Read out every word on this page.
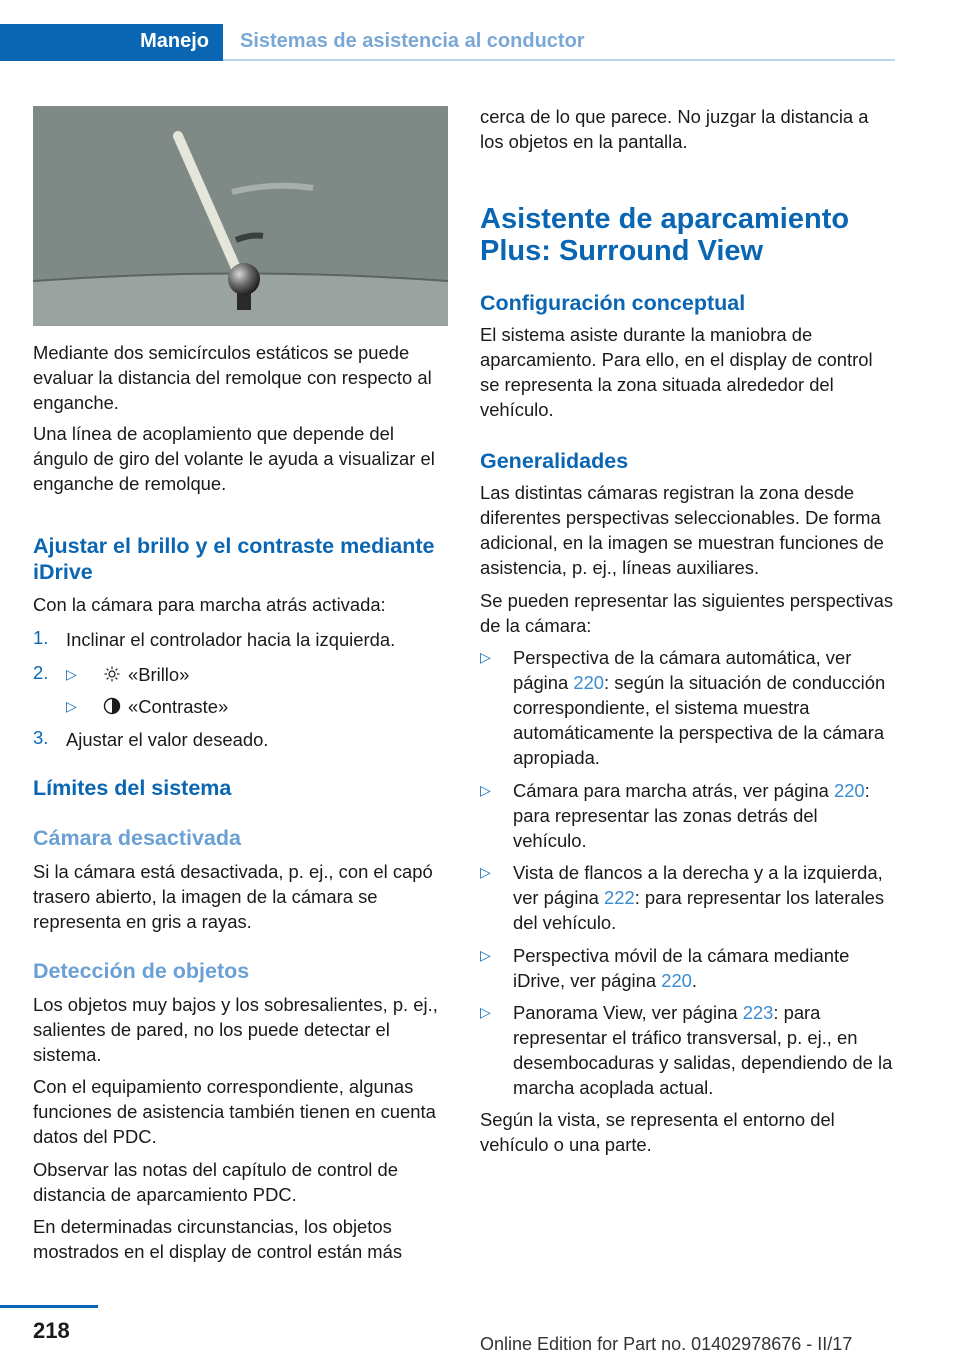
Manejo Sistemas de asistencia al conductor

Mediante dos semicírculos estáticos se puede evaluar la distancia del remolque con respecto al enganche.

Una línea de acoplamiento que depende del ángulo de giro del volante le ayuda a visualizar el enganche de remolque.

Ajustar el brillo y el contraste mediante iDrive

Con la cámara para marcha atrás activada:

1. Inclinar el controlador hacia la izquierda.

2. ▷	«Brillo»

▷	«Contraste»

3. Ajustar el valor deseado.

Límites del sistema
Cámara desactivada

Si la cámara está desactivada, p. ej., con el capó trasero abierto, la imagen de la cámara se representa en gris a rayas.

Detección de objetos

Los objetos muy bajos y los sobresalientes, p. ej., salientes de pared, no los puede detectar el sistema.

Con el equipamiento correspondiente, algunas funciones de asistencia también tienen en cuenta datos del PDC.

Observar las notas del capítulo de control de distancia de aparcamiento PDC.

En determinadas circunstancias, los objetos mostrados en el display de control están más

cerca de lo que parece. No juzgar la distancia a los objetos en la pantalla.

Asistente de aparcamiento Plus: Surround View
Configuración conceptual

El sistema asiste durante la maniobra de aparcamiento. Para ello, en el display de control se representa la zona situada alrededor del vehículo.

Generalidades

Las distintas cámaras registran la zona desde diferentes perspectivas seleccionables. De forma adicional, en la imagen se muestran funciones de asistencia, p. ej., líneas auxiliares.

Se pueden representar las siguientes perspectivas de la cámara:

▷ Perspectiva de la cámara automática, ver página 220: según la situación de conducción correspondiente, el sistema muestra automáticamente la perspectiva de la cámara apropiada.

▷ Cámara para marcha atrás, ver página 220: para representar las zonas detrás del vehículo.

▷ Vista de flancos a la derecha y a la izquierda, ver página 222: para representar los laterales del vehículo.

▷ Perspectiva móvil de la cámara mediante iDrive, ver página 220.

▷ Panorama View, ver página 223: para representar el tráfico transversal, p. ej., en desembocaduras y salidas, dependiendo de la marcha acoplada actual.

Según la vista, se representa el entorno del vehículo o una parte.

218
Online Edition for Part no. 01402978676 - II/17
